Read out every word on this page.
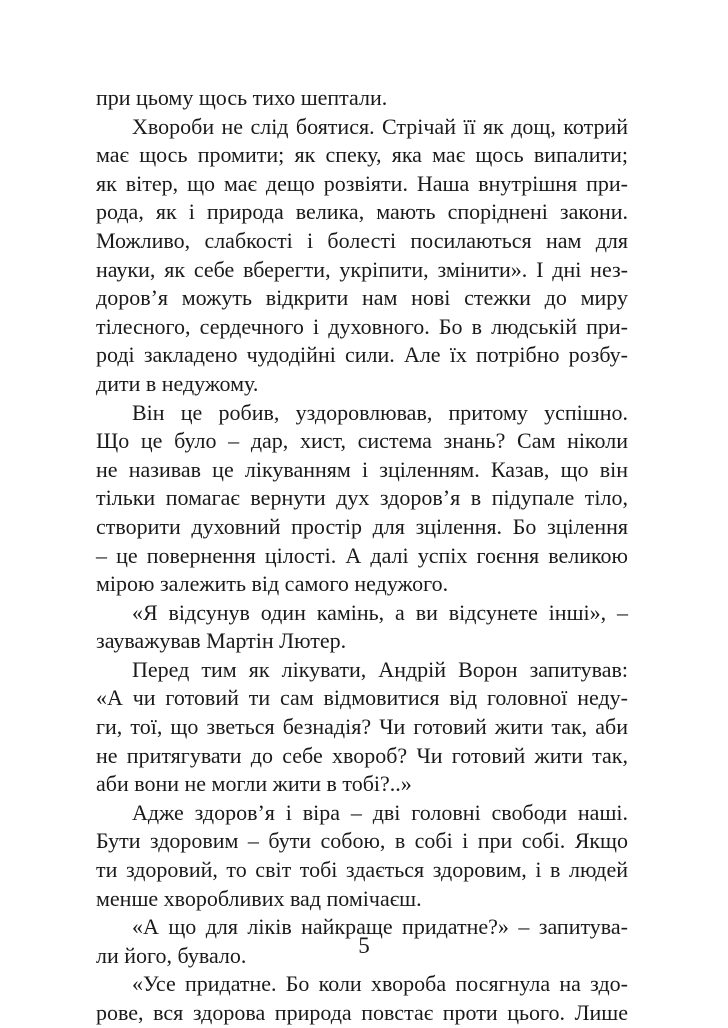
при цьому щось тихо шептали.
Хвороби не слід боятися. Стрічай її як дощ, котрий
має щось промити; як спеку, яка має щось випалити;
як вітер, що має дещо розвіяти. Наша внутрішня при-
рода, як і природа велика, мають споріднені закони.
Можливо, слабкості і болесті посилаються нам для
науки, як себе вберегти, укріпити, змінити». І дні нез-
доров’я можуть відкрити нам нові стежки до миру
тілесного, сердечного і духовного. Бо в людській при-
роді закладено чудодійні сили. Але їх потрібно розбу-
дити в недужому.
Він це робив, уздоровлював, притому успішно.
Що це було – дар, хист, система знань? Сам ніколи
не називав це лікуванням і зціленням. Казав, що він
тільки помагає вернути дух здоров’я в підупале тіло,
створити духовний простір для зцілення. Бо зцілення
– це повернення цілості. А далі успіх гоєння великою
мірою залежить від самого недужого.
«Я відсунув один камінь, а ви відсунете інші», –
зауважував Мартін Лютер.
Перед тим як лікувати, Андрій Ворон запитував:
«А чи готовий ти сам відмовитися від головної неду-
ги, тої, що зветься безнадія? Чи готовий жити так, аби
не притягувати до себе хвороб? Чи готовий жити так,
аби вони не могли жити в тобі?..»
Адже здоров’я і віра – дві головні свободи наші.
Бути здоровим – бути собою, в собі і при собі. Якщо
ти здоровий, то світ тобі здається здоровим, і в людей
менше хворобливих вад помічаєш.
«А що для ліків найкраще придатне?» – запитува-
ли його, бувало.
«Усе придатне. Бо коли хвороба посягнула на здо-
рове, вся здорова природа повстає проти цього. Лише
5
